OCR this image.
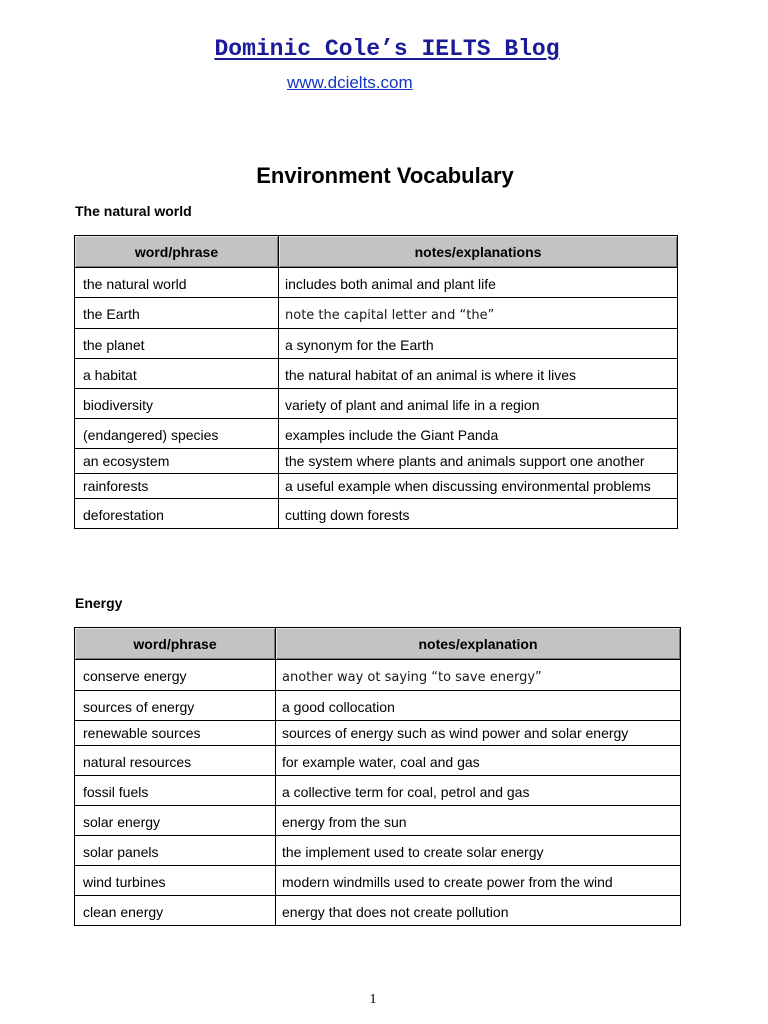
Dominic Cole’s IELTS Blog
www.dcielts.com
Environment Vocabulary
The natural world
word/phrase	notes/explanations
the natural world	includes both animal and plant life
the Earth	note the capital letter and “the”
the planet	a synonym for the Earth
a habitat	the natural habitat of an animal is where it lives
biodiversity	variety of plant and animal life in a region
(endangered) species	examples include the Giant Panda
an ecosystem	the system where plants and animals support one another
rainforests	a useful example when discussing environmental problems
deforestation	cutting down forests
Energy
word/phrase	notes/explanation
conserve energy	another way ot saying “to save energy”
sources of energy	a good collocation
renewable sources	sources of energy such as wind power and solar energy
natural resources	for example water, coal and gas
fossil fuels	a collective term for coal, petrol and gas
solar energy	energy from the sun
solar panels	the implement used to create solar energy
wind turbines	modern windmills used to create power from the wind
clean energy	energy that does not create pollution
1
